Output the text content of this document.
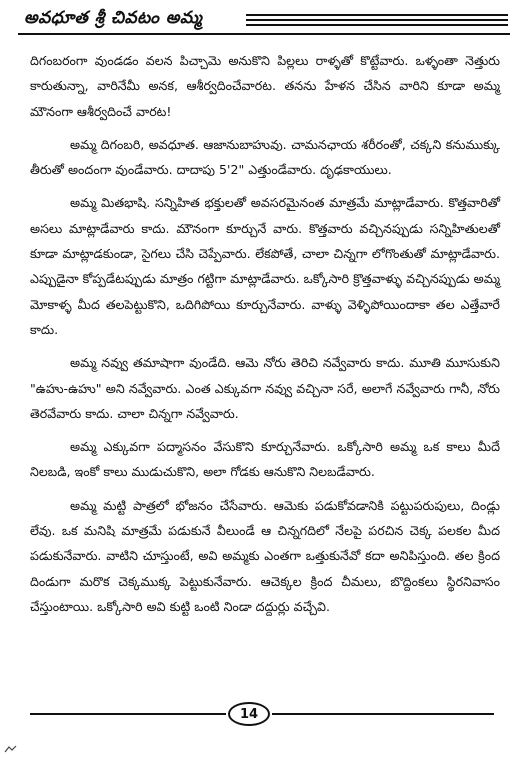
అవధూత శ్రీ చివటం అమ్మ

దిగంబరంగా వుండడం వలన పిచ్చామె అనుకొని పిల్లలు రాళ్ళతో కొట్టేవారు. ఒళ్ళంతా నెత్తురు కారుతున్నా, వారినేమీ అనక, ఆశీర్వదించేవారట. తనను హేళన చేసిన వారిని కూడా అమ్మ మౌనంగా ఆశీర్వదించే వారట!

అమ్మ దిగంబరి, అవధూత. ఆజానుబాహువు. చామనఛాయ శరీరంతో, చక్కని కనుముక్కు తీరుతో అందంగా వుండేవారు. దాదాపు 5'2" ఎత్తుండేవారు. దృఢకాయులు.

అమ్మ మితభాషి. సన్నిహిత భక్తులతో అవసరమైనంత మాత్రమే మాట్లాడేవారు. కొత్తవారితో అసలు మాట్లాడేవారు కాదు. మౌనంగా కూర్చునే వారు. కొత్తవారు వచ్చినప్పుడు సన్నిహితులతో కూడా మాట్లాడకుండా, సైగలు చేసి చెప్పేవారు. లేకపోతే, చాలా చిన్నగా లోగొంతుతో మాట్లాడేవారు. ఎప్పుడైనా కోప్పడేటప్పుడు మాత్రం గట్టిగా మాట్లాడేవారు. ఒక్కోసారి క్రొత్తవాళ్ళు వచ్చినప్పుడు అమ్మ మోకాళ్ళ మీద తలపెట్టుకొని, ఒదిగిపోయి కూర్చునేవారు. వాళ్ళు వెళ్ళిపోయిందాకా తల ఎత్తేవారే కాదు.

అమ్మ నవ్వు తమాషాగా వుండేది. ఆమె నోరు తెరిచి నవ్వేవారు కాదు. మూతి మూసుకుని "ఉహు-ఉహు" అని నవ్వేవారు. ఎంత ఎక్కువగా నవ్వు వచ్చినా సరే, అలాగే నవ్వేవారు గానీ, నోరు తెరవేవారు కాదు. చాలా చిన్నగా నవ్వేవారు.

అమ్మ ఎక్కువగా పద్మాసనం వేసుకొని కూర్చునేవారు. ఒక్కోసారి అమ్మ ఒక కాలు మీదే నిలబడి, ఇంకో కాలు ముడుచుకొని, అలా గోడకు ఆనుకొని నిలబడేవారు.

అమ్మ మట్టి పాత్రలో భోజనం చేసేవారు. ఆమెకు పడుకోవడానికి పట్టుపరుపులు, దిండ్లు లేవు. ఒక మనిషి మాత్రమే పడుకునే వీలుండే ఆ చిన్నగదిలో నేలపై పరచిన చెక్క పలకల మీద పడుకునేవారు. వాటిని చూస్తుంటే, అవి అమ్మకు ఎంతగా ఒత్తుకునేవో కదా అనిపిస్తుంది. తల క్రింద దిండుగా మరొక చెక్కముక్క పెట్టుకునేవారు. ఆచెక్కల క్రింద చీమలు, బొద్దింకలు స్థిరనివాసం చేస్తుంటాయి. ఒక్కోసారి అవి కుట్టి ఒంటి నిండా దద్దుర్లు వచ్చేవి.

14
